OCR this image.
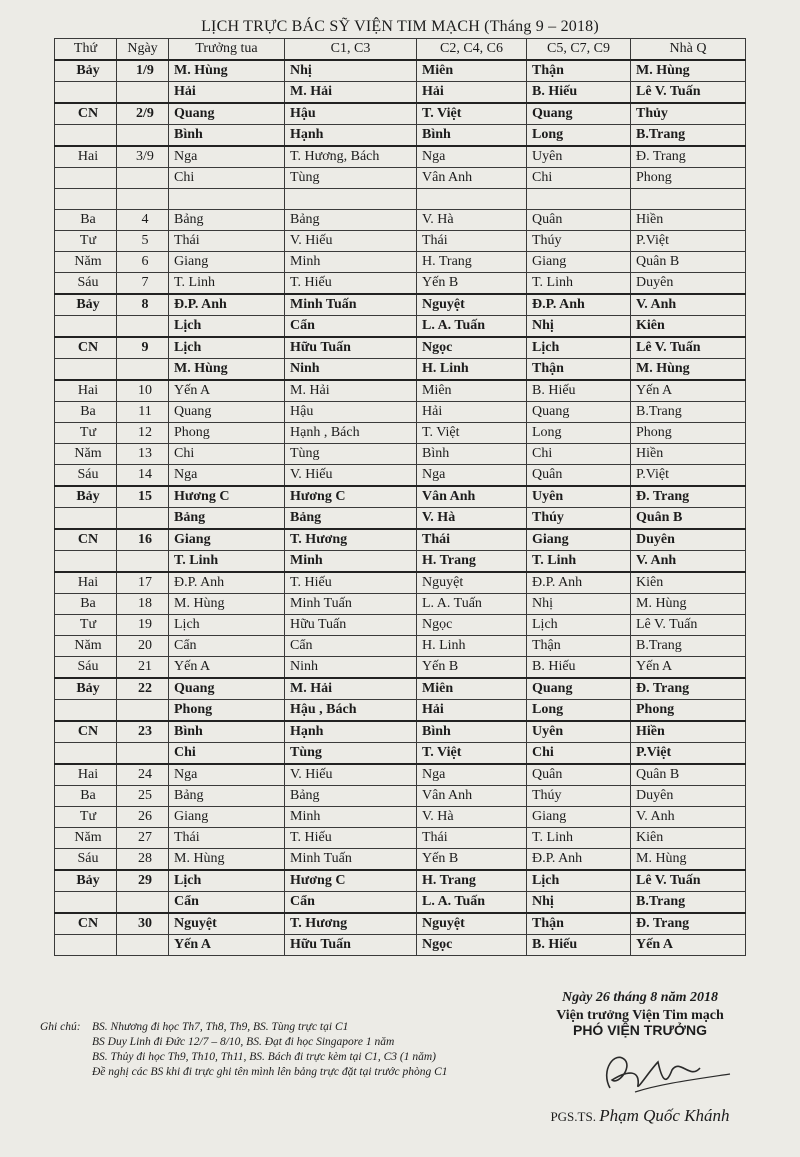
LỊCH TRỰC BÁC SỸ VIỆN TIM MẠCH (Tháng 9 – 2018)
Thứ	Ngày	Trưởng tua	C1, C3	C2, C4, C6	C5, C7, C9	Nhà Q
Bảy	1/9	M. Hùng	Nhị	Miên	Thận	M. Hùng
		Hải	M. Hải	Hải	B. Hiếu	Lê V. Tuấn
CN	2/9	Quang	Hậu	T. Việt	Quang	Thủy
		Bình	Hạnh	Bình	Long	B.Trang
Hai	3/9	Nga	T. Hương, Bách	Nga	Uyên	Đ. Trang
		Chi	Tùng	Vân Anh	Chi	Phong

Ba	4	Bảng	Bảng	V. Hà	Quân	Hiền
Tư	5	Thái	V. Hiếu	Thái	Thúy	P.Việt
Năm	6	Giang	Minh	H. Trang	Giang	Quân B
Sáu	7	T. Linh	T. Hiếu	Yến B	T. Linh	Duyên
Bảy	8	Đ.P. Anh	Minh Tuấn	Nguyệt	Đ.P. Anh	V. Anh
		Lịch	Cẩn	L. A. Tuấn	Nhị	Kiên
CN	9	Lịch	Hữu Tuấn	Ngọc	Lịch	Lê V. Tuấn
		M. Hùng	Ninh	H. Linh	Thận	M. Hùng
Hai	10	Yến A	M. Hải	Miên	B. Hiếu	Yến A
Ba	11	Quang	Hậu	Hải	Quang	B.Trang
Tư	12	Phong	Hạnh , Bách	T. Việt	Long	Phong
Năm	13	Chi	Tùng	Bình	Chi	Hiền
Sáu	14	Nga	V. Hiếu	Nga	Quân	P.Việt
Bảy	15	Hương C	Hương C	Vân Anh	Uyên	Đ. Trang
		Bảng	Bảng	V. Hà	Thúy	Quân B
CN	16	Giang	T. Hương	Thái	Giang	Duyên
		T. Linh	Minh	H. Trang	T. Linh	V. Anh
Hai	17	Đ.P. Anh	T. Hiếu	Nguyệt	Đ.P. Anh	Kiên
Ba	18	M. Hùng	Minh Tuấn	L. A. Tuấn	Nhị	M. Hùng
Tư	19	Lịch	Hữu Tuấn	Ngọc	Lịch	Lê V. Tuấn
Năm	20	Cẩn	Cẩn	H. Linh	Thận	B.Trang
Sáu	21	Yến A	Ninh	Yến B	B. Hiếu	Yến A
Bảy	22	Quang	M. Hải	Miên	Quang	Đ. Trang
		Phong	Hậu , Bách	Hải	Long	Phong
CN	23	Bình	Hạnh	Bình	Uyên	Hiền
		Chi	Tùng	T. Việt	Chi	P.Việt
Hai	24	Nga	V. Hiếu	Nga	Quân	Quân B
Ba	25	Bảng	Bảng	Vân Anh	Thúy	Duyên
Tư	26	Giang	Minh	V. Hà	Giang	V. Anh
Năm	27	Thái	T. Hiếu	Thái	T. Linh	Kiên
Sáu	28	M. Hùng	Minh Tuấn	Yến B	Đ.P. Anh	M. Hùng
Bảy	29	Lịch	Hương C	H. Trang	Lịch	Lê V. Tuấn
		Cẩn	Cẩn	L. A. Tuấn	Nhị	B.Trang
CN	30	Nguyệt	T. Hương	Nguyệt	Thận	Đ. Trang
		Yến A	Hữu Tuấn	Ngọc	B. Hiếu	Yến A
Ghi chú: BS. Nhương đi học Th7, Th8, Th9, BS. Tùng trực tại C1
BS Duy Linh đi Đức 12/7 – 8/10, BS. Đạt đi học Singapore 1 năm
BS. Thủy đi học Th9, Th10, Th11, BS. Bách đi trực kèm tại C1, C3 (1 năm)
Đề nghị các BS khi đi trực ghi tên mình lên bảng trực đặt tại trước phòng C1
Ngày 26 tháng 8 năm 2018
Viện trưởng Viện Tim mạch
PHÓ VIỆN TRƯỞNG
PGS.TS. Phạm Quốc Khánh
